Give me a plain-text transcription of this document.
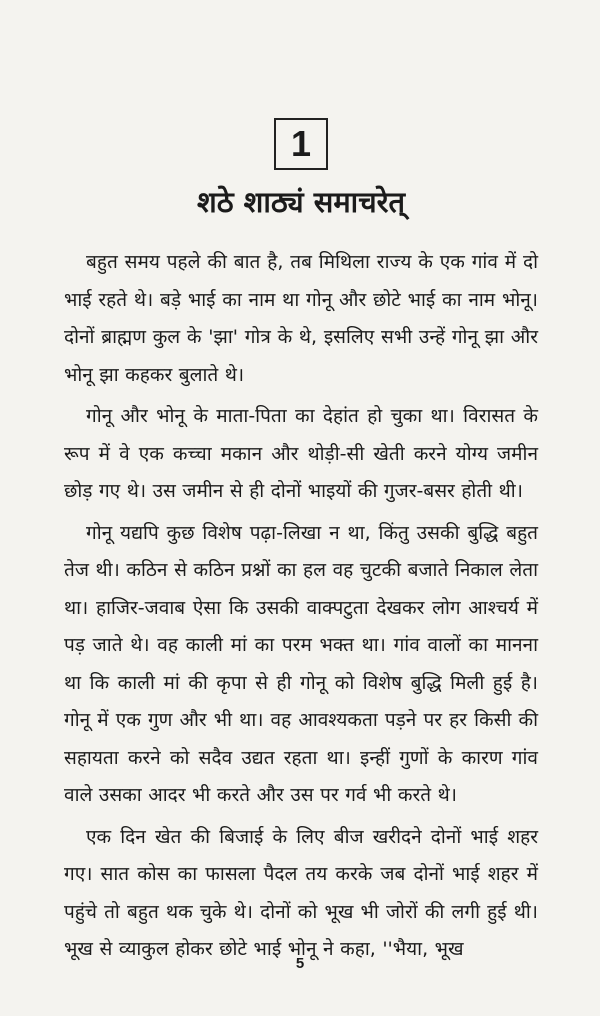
1
शठे शाठ्यं समाचरेत्

बहुत समय पहले की बात है, तब मिथिला राज्य के एक गांव में दो भाई रहते थे। बड़े भाई का नाम था गोनू और छोटे भाई का नाम भोनू। दोनों ब्राह्मण कुल के 'झा' गोत्र के थे, इसलिए सभी उन्हें गोनू झा और भोनू झा कहकर बुलाते थे।

गोनू और भोनू के माता-पिता का देहांत हो चुका था। विरासत के रूप में वे एक कच्चा मकान और थोड़ी-सी खेती करने योग्य जमीन छोड़ गए थे। उस जमीन से ही दोनों भाइयों की गुजर-बसर होती थी।

गोनू यद्यपि कुछ विशेष पढ़ा-लिखा न था, किंतु उसकी बुद्धि बहुत तेज थी। कठिन से कठिन प्रश्नों का हल वह चुटकी बजाते निकाल लेता था। हाजिर-जवाब ऐसा कि उसकी वाक्पटुता देखकर लोग आश्चर्य में पड़ जाते थे। वह काली मां का परम भक्त था। गांव वालों का मानना था कि काली मां की कृपा से ही गोनू को विशेष बुद्धि मिली हुई है। गोनू में एक गुण और भी था। वह आवश्यकता पड़ने पर हर किसी की सहायता करने को सदैव उद्यत रहता था। इन्हीं गुणों के कारण गांव वाले उसका आदर भी करते और उस पर गर्व भी करते थे।

एक दिन खेत की बिजाई के लिए बीज खरीदने दोनों भाई शहर गए। सात कोस का फासला पैदल तय करके जब दोनों भाई शहर में पहुंचे तो बहुत थक चुके थे। दोनों को भूख भी जोरों की लगी हुई थी। भूख से व्याकुल होकर छोटे भाई भोनू ने कहा, ''भैया, भूख

5
